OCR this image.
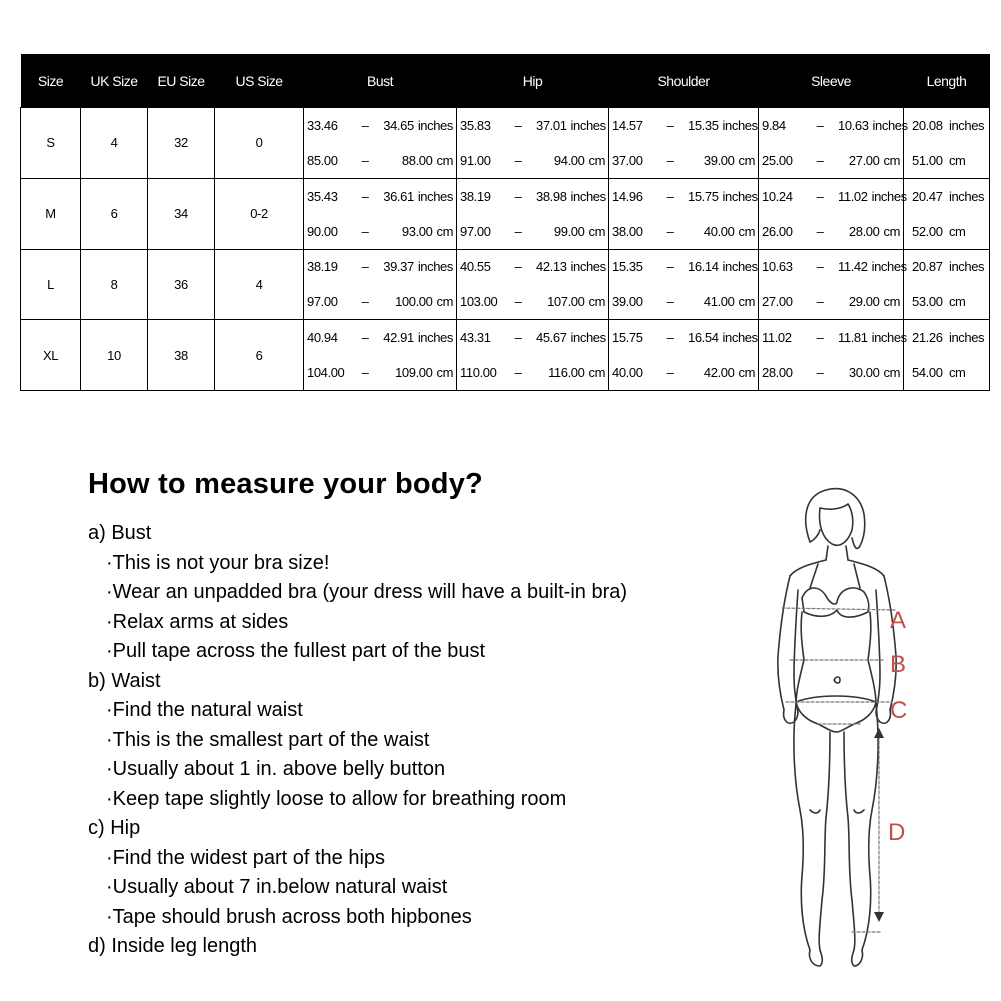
Size	UK Size	EU Size	US Size	Bust	Hip	Shoulder	Sleeve	Length
S	4	32	0	33.46 – 34.65 inches	35.83 – 37.01 inches	14.57 – 15.35 inches	9.84 – 10.63 inches	20.08  inches

				85.00 – 88.00 cm	91.00 – 94.00 cm	37.00 – 39.00 cm	25.00 – 27.00 cm	51.00  cm
M	6	34	0-2	35.43 – 36.61 inches	38.19 – 38.98 inches	14.96 – 15.75 inches	10.24 – 11.02 inches	20.47  inches

				90.00 – 93.00 cm	97.00 – 99.00 cm	38.00 – 40.00 cm	26.00 – 28.00 cm	52.00  cm
L	8	36	4	38.19 – 39.37 inches	40.55 – 42.13 inches	15.35 – 16.14 inches	10.63 – 11.42 inches	20.87  inches

				97.00 – 100.00 cm	103.00 – 107.00 cm	39.00 – 41.00 cm	27.00 – 29.00 cm	53.00  cm
XL	10	38	6	40.94 – 42.91 inches	43.31 – 45.67 inches	15.75 – 16.54 inches	11.02 – 11.81 inches	21.26  inches

				104.00 – 109.00 cm	110.00 – 116.00 cm	40.00 – 42.00 cm	28.00 – 30.00 cm	54.00  cm
How to measure your body?
a) Bust
·This is not your bra size!
·Wear an unpadded bra (your dress will have a built-in bra)
·Relax arms at sides
·Pull tape across the fullest part of the bust
b) Waist
·Find the natural waist
·This is the smallest part of the waist
·Usually about 1 in. above belly button
·Keep tape slightly loose to allow for breathing room
c) Hip
·Find the widest part of the hips
·Usually about 7 in.below natural waist
·Tape should brush across both hipbones
d) Inside leg length
A
B
C
D
